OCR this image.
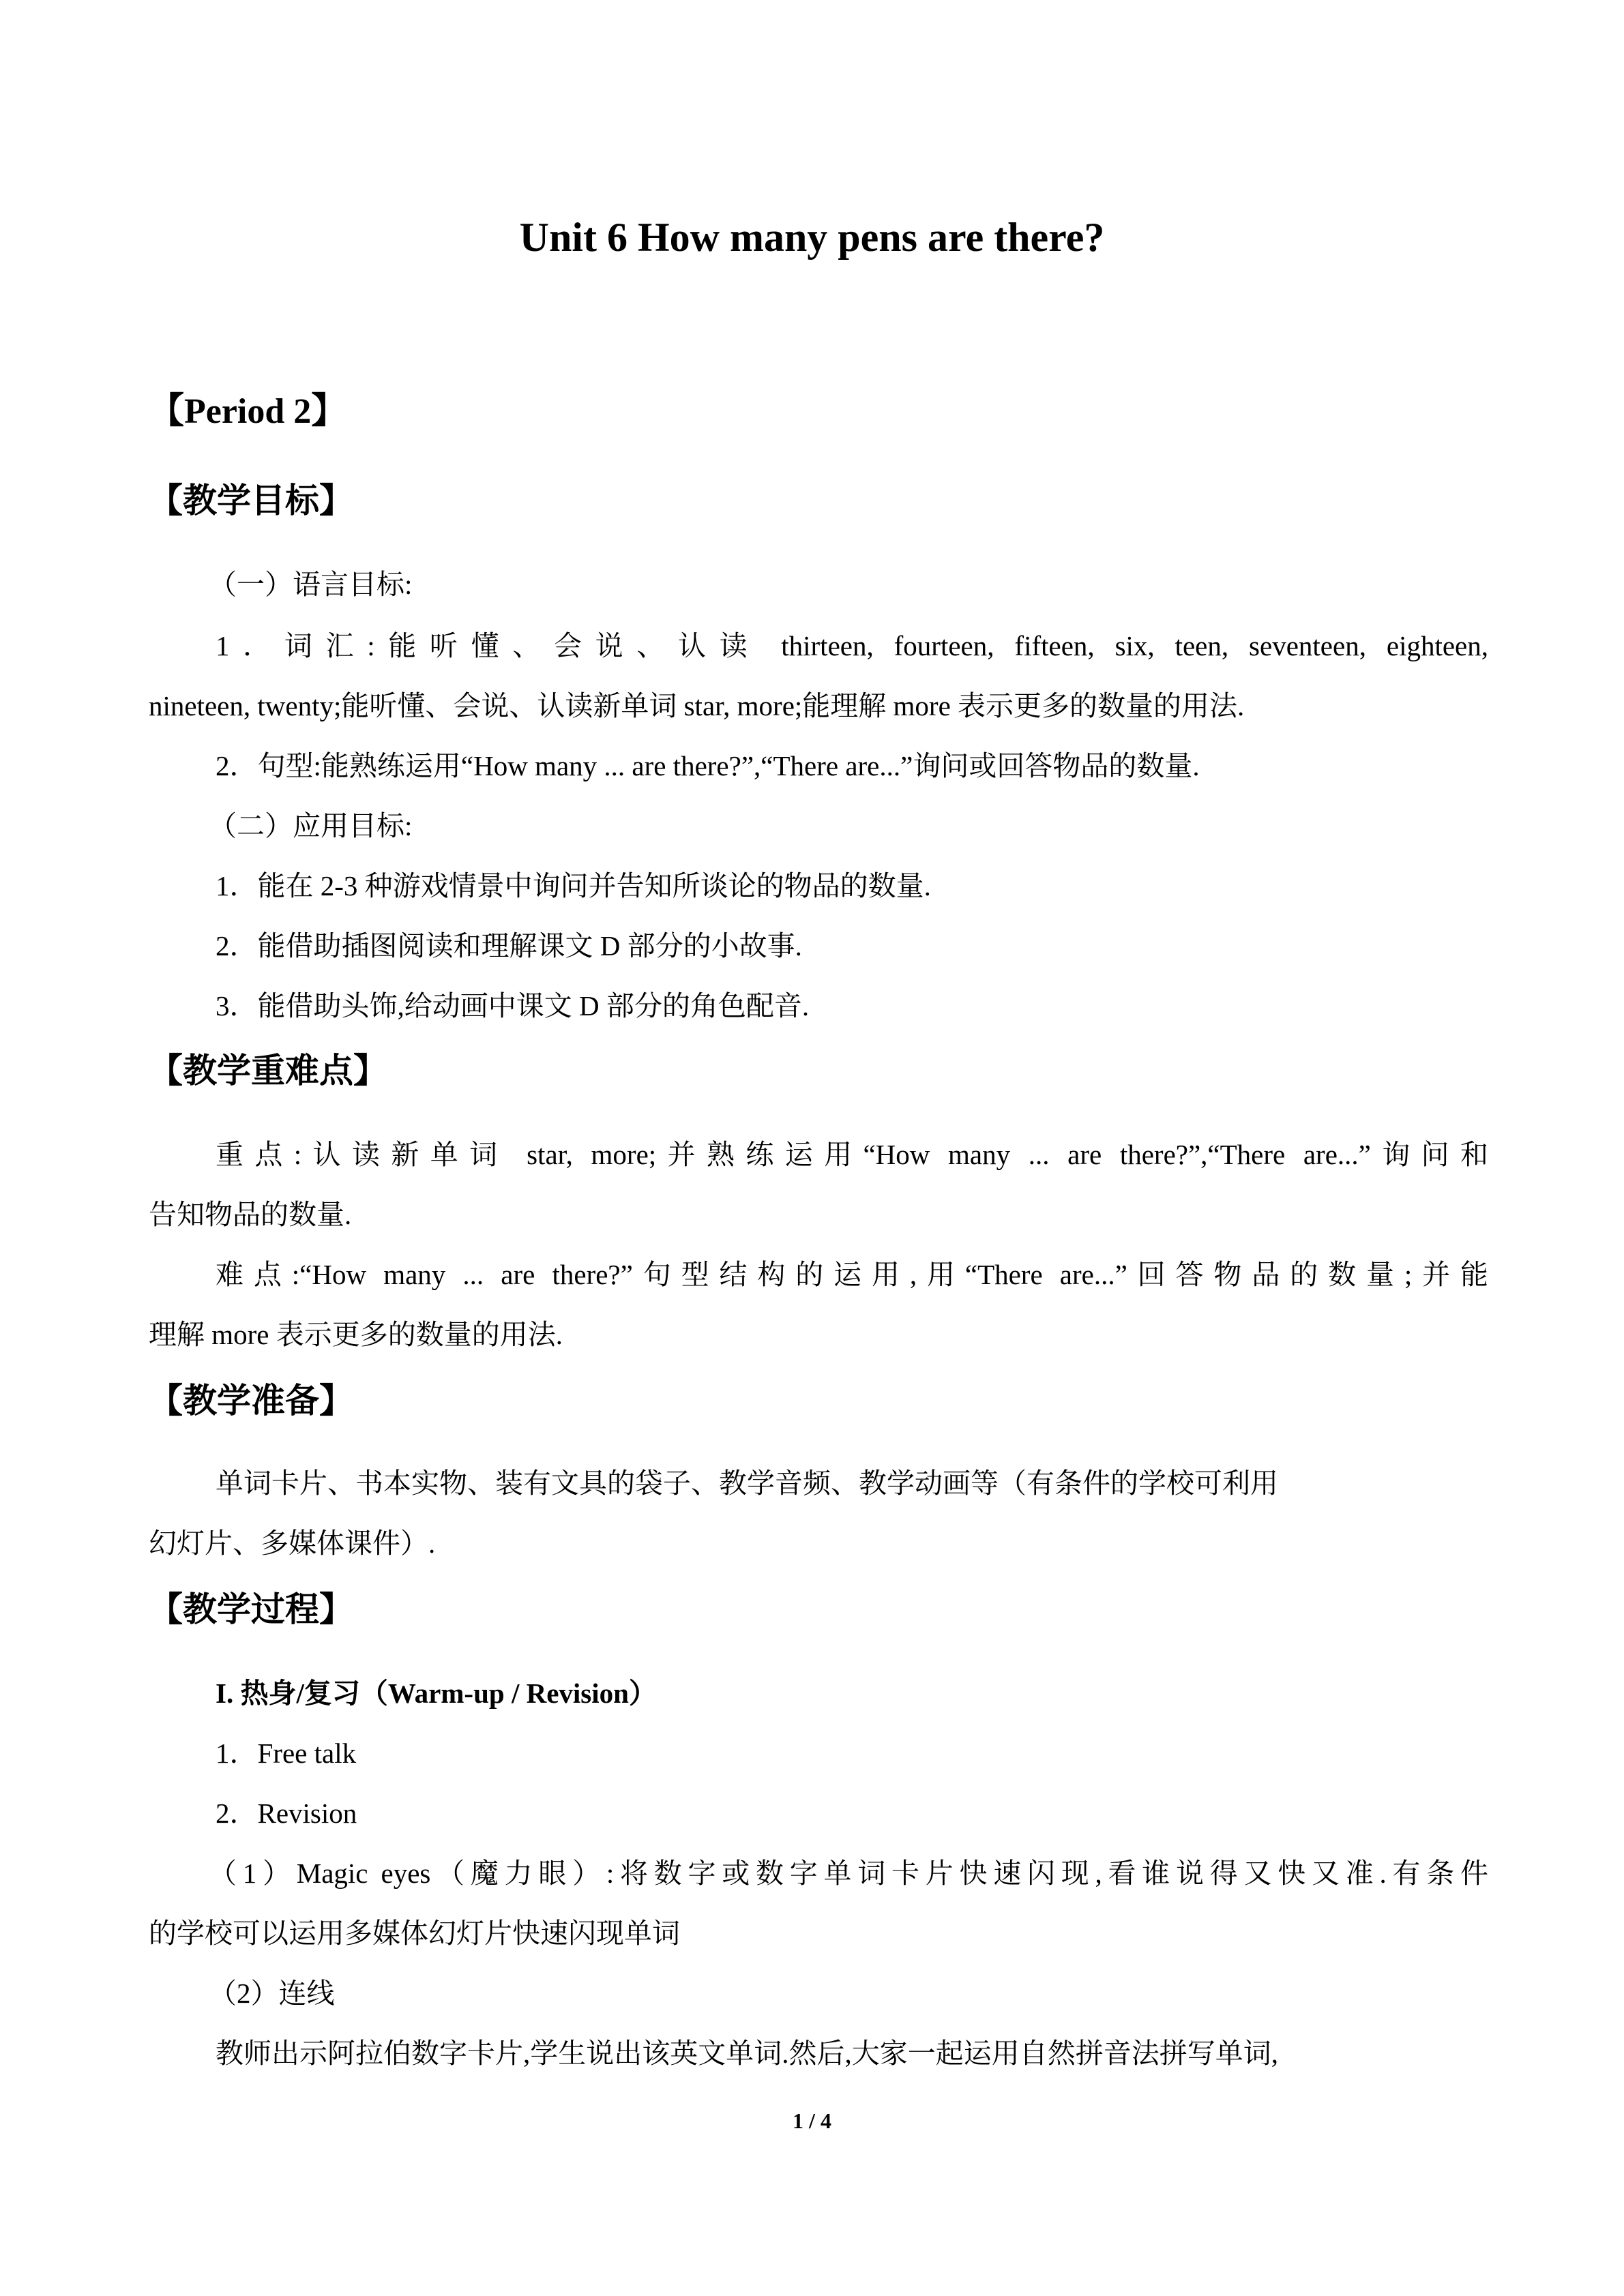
Unit 6 How many pens are there?
【Period 2】
【教学目标】
（一）语言目标:
1．词汇:能听懂、会说、认读 thirteen, fourteen, fifteen, six, teen, seventeen, eighteen,
nineteen, twenty;能听懂、会说、认读新单词 star, more;能理解 more 表示更多的数量的用法.
2．句型:能熟练运用“How many ... are there?”,“There are...”询问或回答物品的数量.
（二）应用目标:
1．能在 2-3 种游戏情景中询问并告知所谈论的物品的数量.
2．能借助插图阅读和理解课文 D 部分的小故事.
3．能借助头饰,给动画中课文 D 部分的角色配音.
【教学重难点】
重点:认读新单词 star, more;并熟练运用“How many ... are there?”,“There are...”询问和
告知物品的数量.
难点:“How many ... are there?”句型结构的运用,用“There are...”回答物品的数量;并能
理解 more 表示更多的数量的用法.
【教学准备】
单词卡片、书本实物、装有文具的袋子、教学音频、教学动画等（有条件的学校可利用
幻灯片、多媒体课件）.
【教学过程】
I. 热身/复习（Warm-up / Revision）
1．Free talk
2．Revision
（1）Magic eyes（魔力眼）:将数字或数字单词卡片快速闪现,看谁说得又快又准.有条件
的学校可以运用多媒体幻灯片快速闪现单词
（2）连线
教师出示阿拉伯数字卡片,学生说出该英文单词.然后,大家一起运用自然拼音法拼写单词,
1 / 4
